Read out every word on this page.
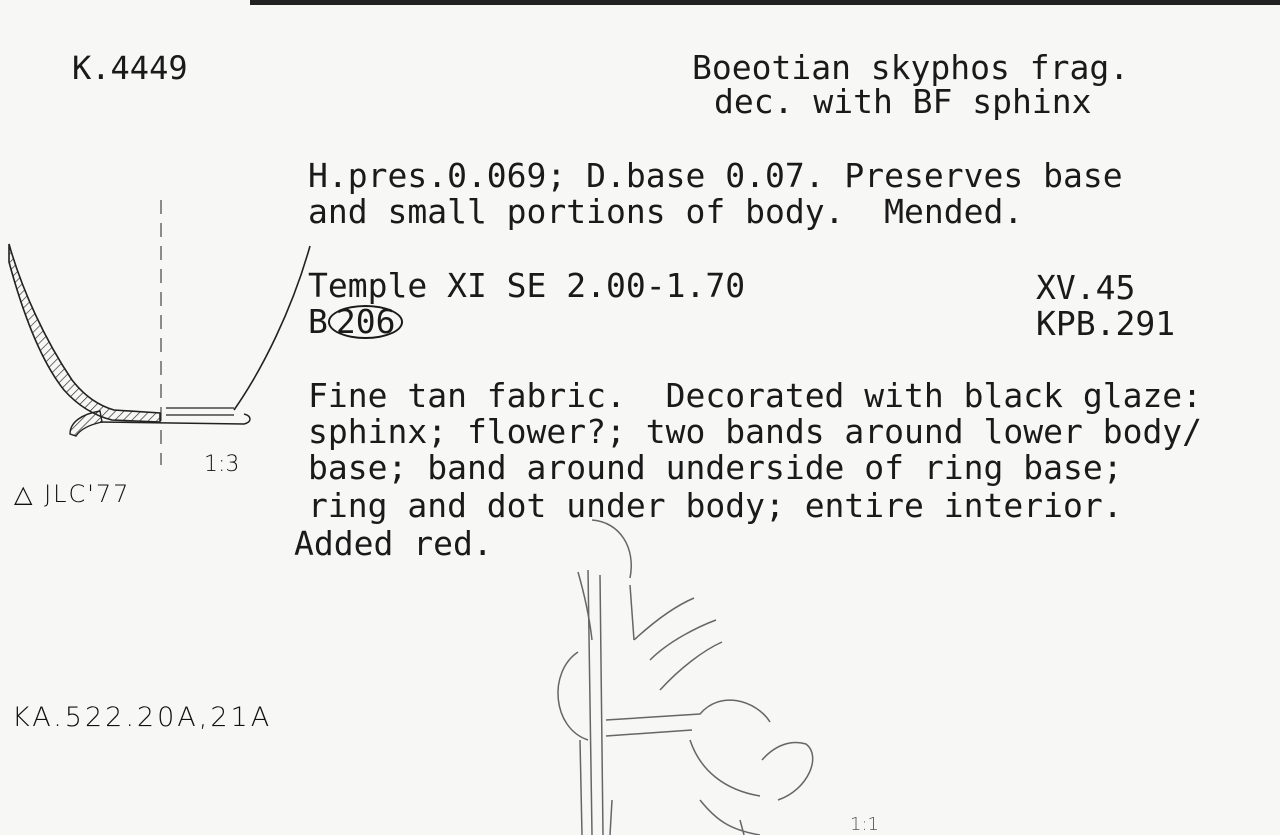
K.4449	Boeotian skyphos frag.
dec. with BF sphinx
H.pres.0.069; D.base 0.07. Preserves base
and small portions of body.  Mended.
Temple XI SE 2.00-1.70
B 206
XV.45
KPB.291
Fine tan fabric.  Decorated with black glaze:
sphinx; flower?; two bands around lower body/
base; band around underside of ring base;
ring and dot under body; entire interior.
Added red.
1:3
△ JLC'77
KA.522.20A,21A
1:1
